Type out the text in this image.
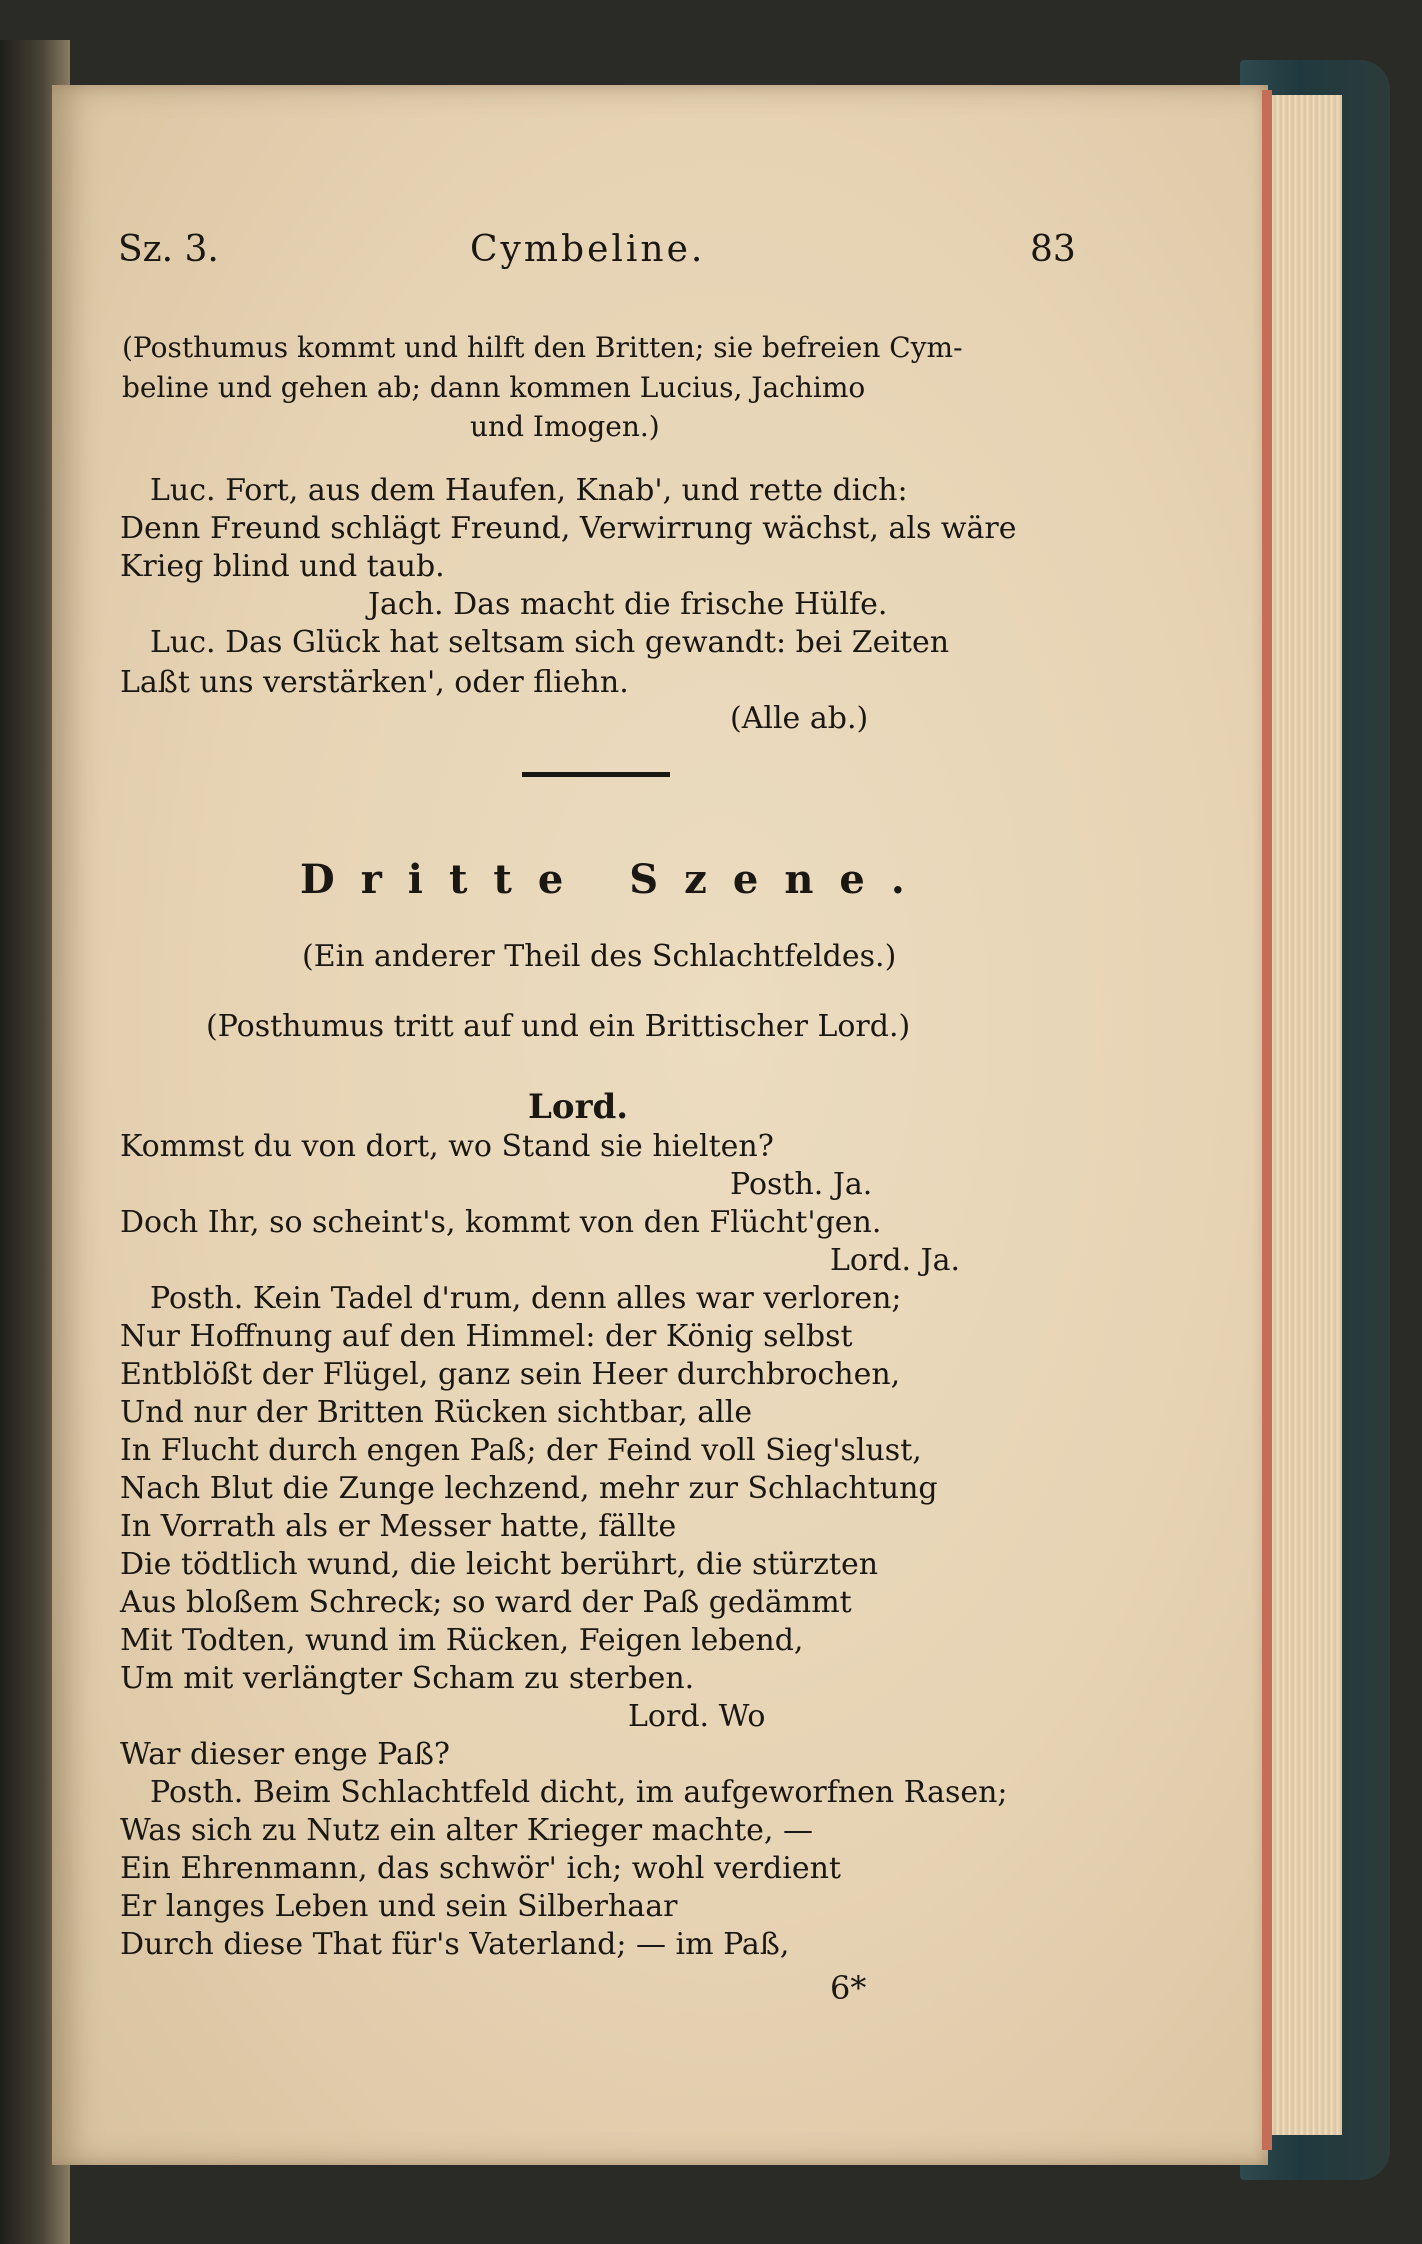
Sz. 3.	Cymbeline.	83
(Posthumus kommt und hilft den Britten; sie befreien Cym-
beline und gehen ab; dann kommen Lucius, Jachimo
und Imogen.)
Luc. Fort, aus dem Haufen, Knab', und rette dich:
Denn Freund schlägt Freund, Verwirrung wächst, als wäre
Krieg blind und taub.
Jach. Das macht die frische Hülfe.
Luc. Das Glück hat seltsam sich gewandt: bei Zeiten
Laßt uns verstärken', oder fliehn.
(Alle ab.)
Dritte Szene.
(Ein anderer Theil des Schlachtfeldes.)
(Posthumus tritt auf und ein Brittischer Lord.)
Lord.
Kommst du von dort, wo Stand sie hielten?
Posth. Ja.
Doch Ihr, so scheint's, kommt von den Flücht'gen.
Lord. Ja.
Posth. Kein Tadel d'rum, denn alles war verloren;
Nur Hoffnung auf den Himmel: der König selbst
Entblößt der Flügel, ganz sein Heer durchbrochen,
Und nur der Britten Rücken sichtbar, alle
In Flucht durch engen Paß; der Feind voll Sieg'slust,
Nach Blut die Zunge lechzend, mehr zur Schlachtung
In Vorrath als er Messer hatte, fällte
Die tödtlich wund, die leicht berührt, die stürzten
Aus bloßem Schreck; so ward der Paß gedämmt
Mit Todten, wund im Rücken, Feigen lebend,
Um mit verlängter Scham zu sterben.
Lord. Wo
War dieser enge Paß?
Posth. Beim Schlachtfeld dicht, im aufgeworfnen Rasen;
Was sich zu Nutz ein alter Krieger machte, —
Ein Ehrenmann, das schwör' ich; wohl verdient
Er langes Leben und sein Silberhaar
Durch diese That für's Vaterland; — im Paß,
6*
